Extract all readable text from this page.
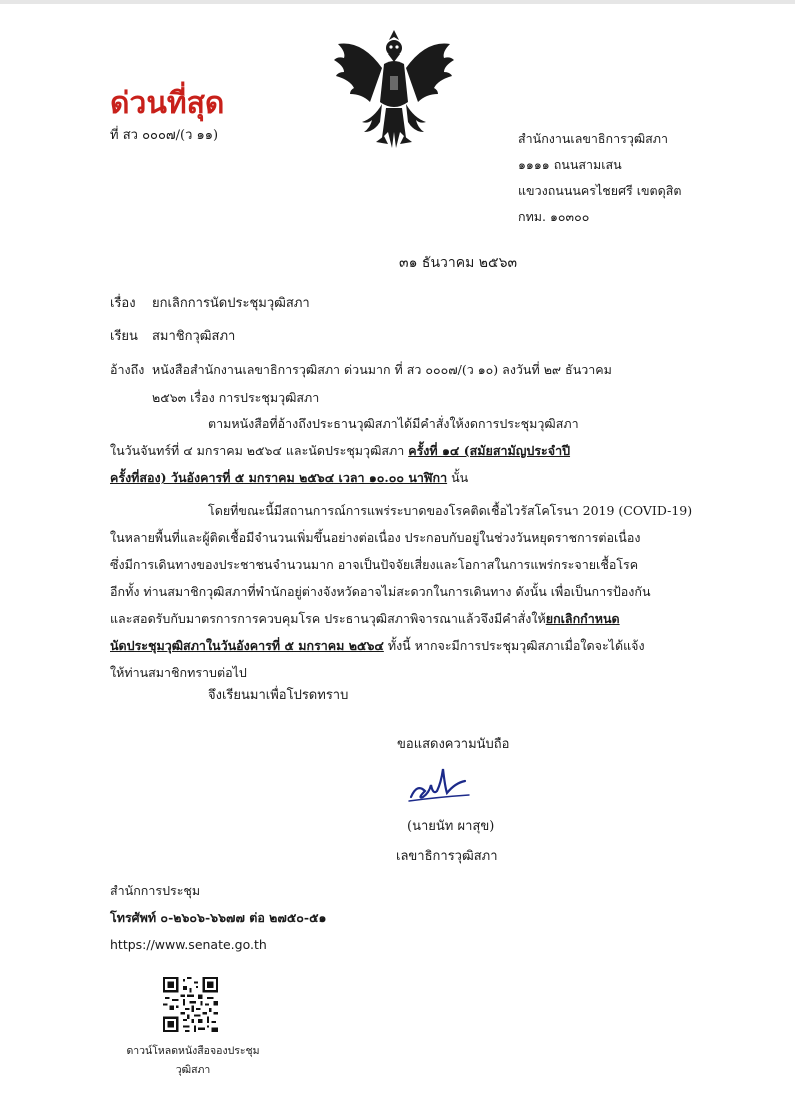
ด่วนที่สุด
ที่ สว ๐๐๐๗/(ว ๑๑)	สำนักงานเลขาธิการวุฒิสภา
๑๑๑๑ ถนนสามเสน
แขวงถนนนครไชยศรี เขตดุสิต
กทม. ๑๐๓๐๐
๓๑ ธันวาคม ๒๕๖๓
เรื่อง ยกเลิกการนัดประชุมวุฒิสภา
เรียน สมาชิกวุฒิสภา
อ้างถึง หนังสือสำนักงานเลขาธิการวุฒิสภา ด่วนมาก ที่ สว ๐๐๐๗/(ว ๑๐) ลงวันที่ ๒๙ ธันวาคม
๒๕๖๓ เรื่อง การประชุมวุฒิสภา
ตามหนังสือที่อ้างถึงประธานวุฒิสภาได้มีคำสั่งให้งดการประชุมวุฒิสภา
ในวันจันทร์ที่ ๔ มกราคม ๒๕๖๔ และนัดประชุมวุฒิสภา ครั้งที่ ๑๔ (สมัยสามัญประจำปี
ครั้งที่สอง) วันอังคารที่ ๕ มกราคม ๒๕๖๔ เวลา ๑๐.๐๐ นาฬิกา นั้น
โดยที่ขณะนี้มีสถานการณ์การแพร่ระบาดของโรคติดเชื้อไวรัสโคโรนา 2019 (COVID-19)
ในหลายพื้นที่และผู้ติดเชื้อมีจำนวนเพิ่มขึ้นอย่างต่อเนื่อง ประกอบกับอยู่ในช่วงวันหยุดราชการต่อเนื่อง
ซึ่งมีการเดินทางของประชาชนจำนวนมาก อาจเป็นปัจจัยเสี่ยงและโอกาสในการแพร่กระจายเชื้อโรค
อีกทั้ง ท่านสมาชิกวุฒิสภาที่พำนักอยู่ต่างจังหวัดอาจไม่สะดวกในการเดินทาง ดังนั้น เพื่อเป็นการป้องกัน
และสอดรับกับมาตรการการควบคุมโรค ประธานวุฒิสภาพิจารณาแล้วจึงมีคำสั่งให้ยกเลิกกำหนด
นัดประชุมวุฒิสภาในวันอังคารที่ ๕ มกราคม ๒๕๖๔ ทั้งนี้ หากจะมีการประชุมวุฒิสภาเมื่อใดจะได้แจ้ง
ให้ท่านสมาชิกทราบต่อไป
จึงเรียนมาเพื่อโปรดทราบ
ขอแสดงความนับถือ
(นายนัท ผาสุข)
เลขาธิการวุฒิสภา
สำนักการประชุม
โทรศัพท์ ๐-๒๖๐๖-๖๖๗๗ ต่อ ๒๗๕๐-๕๑
https://www.senate.go.th
ดาวน์โหลดหนังสือจองประชุม
วุฒิสภา
